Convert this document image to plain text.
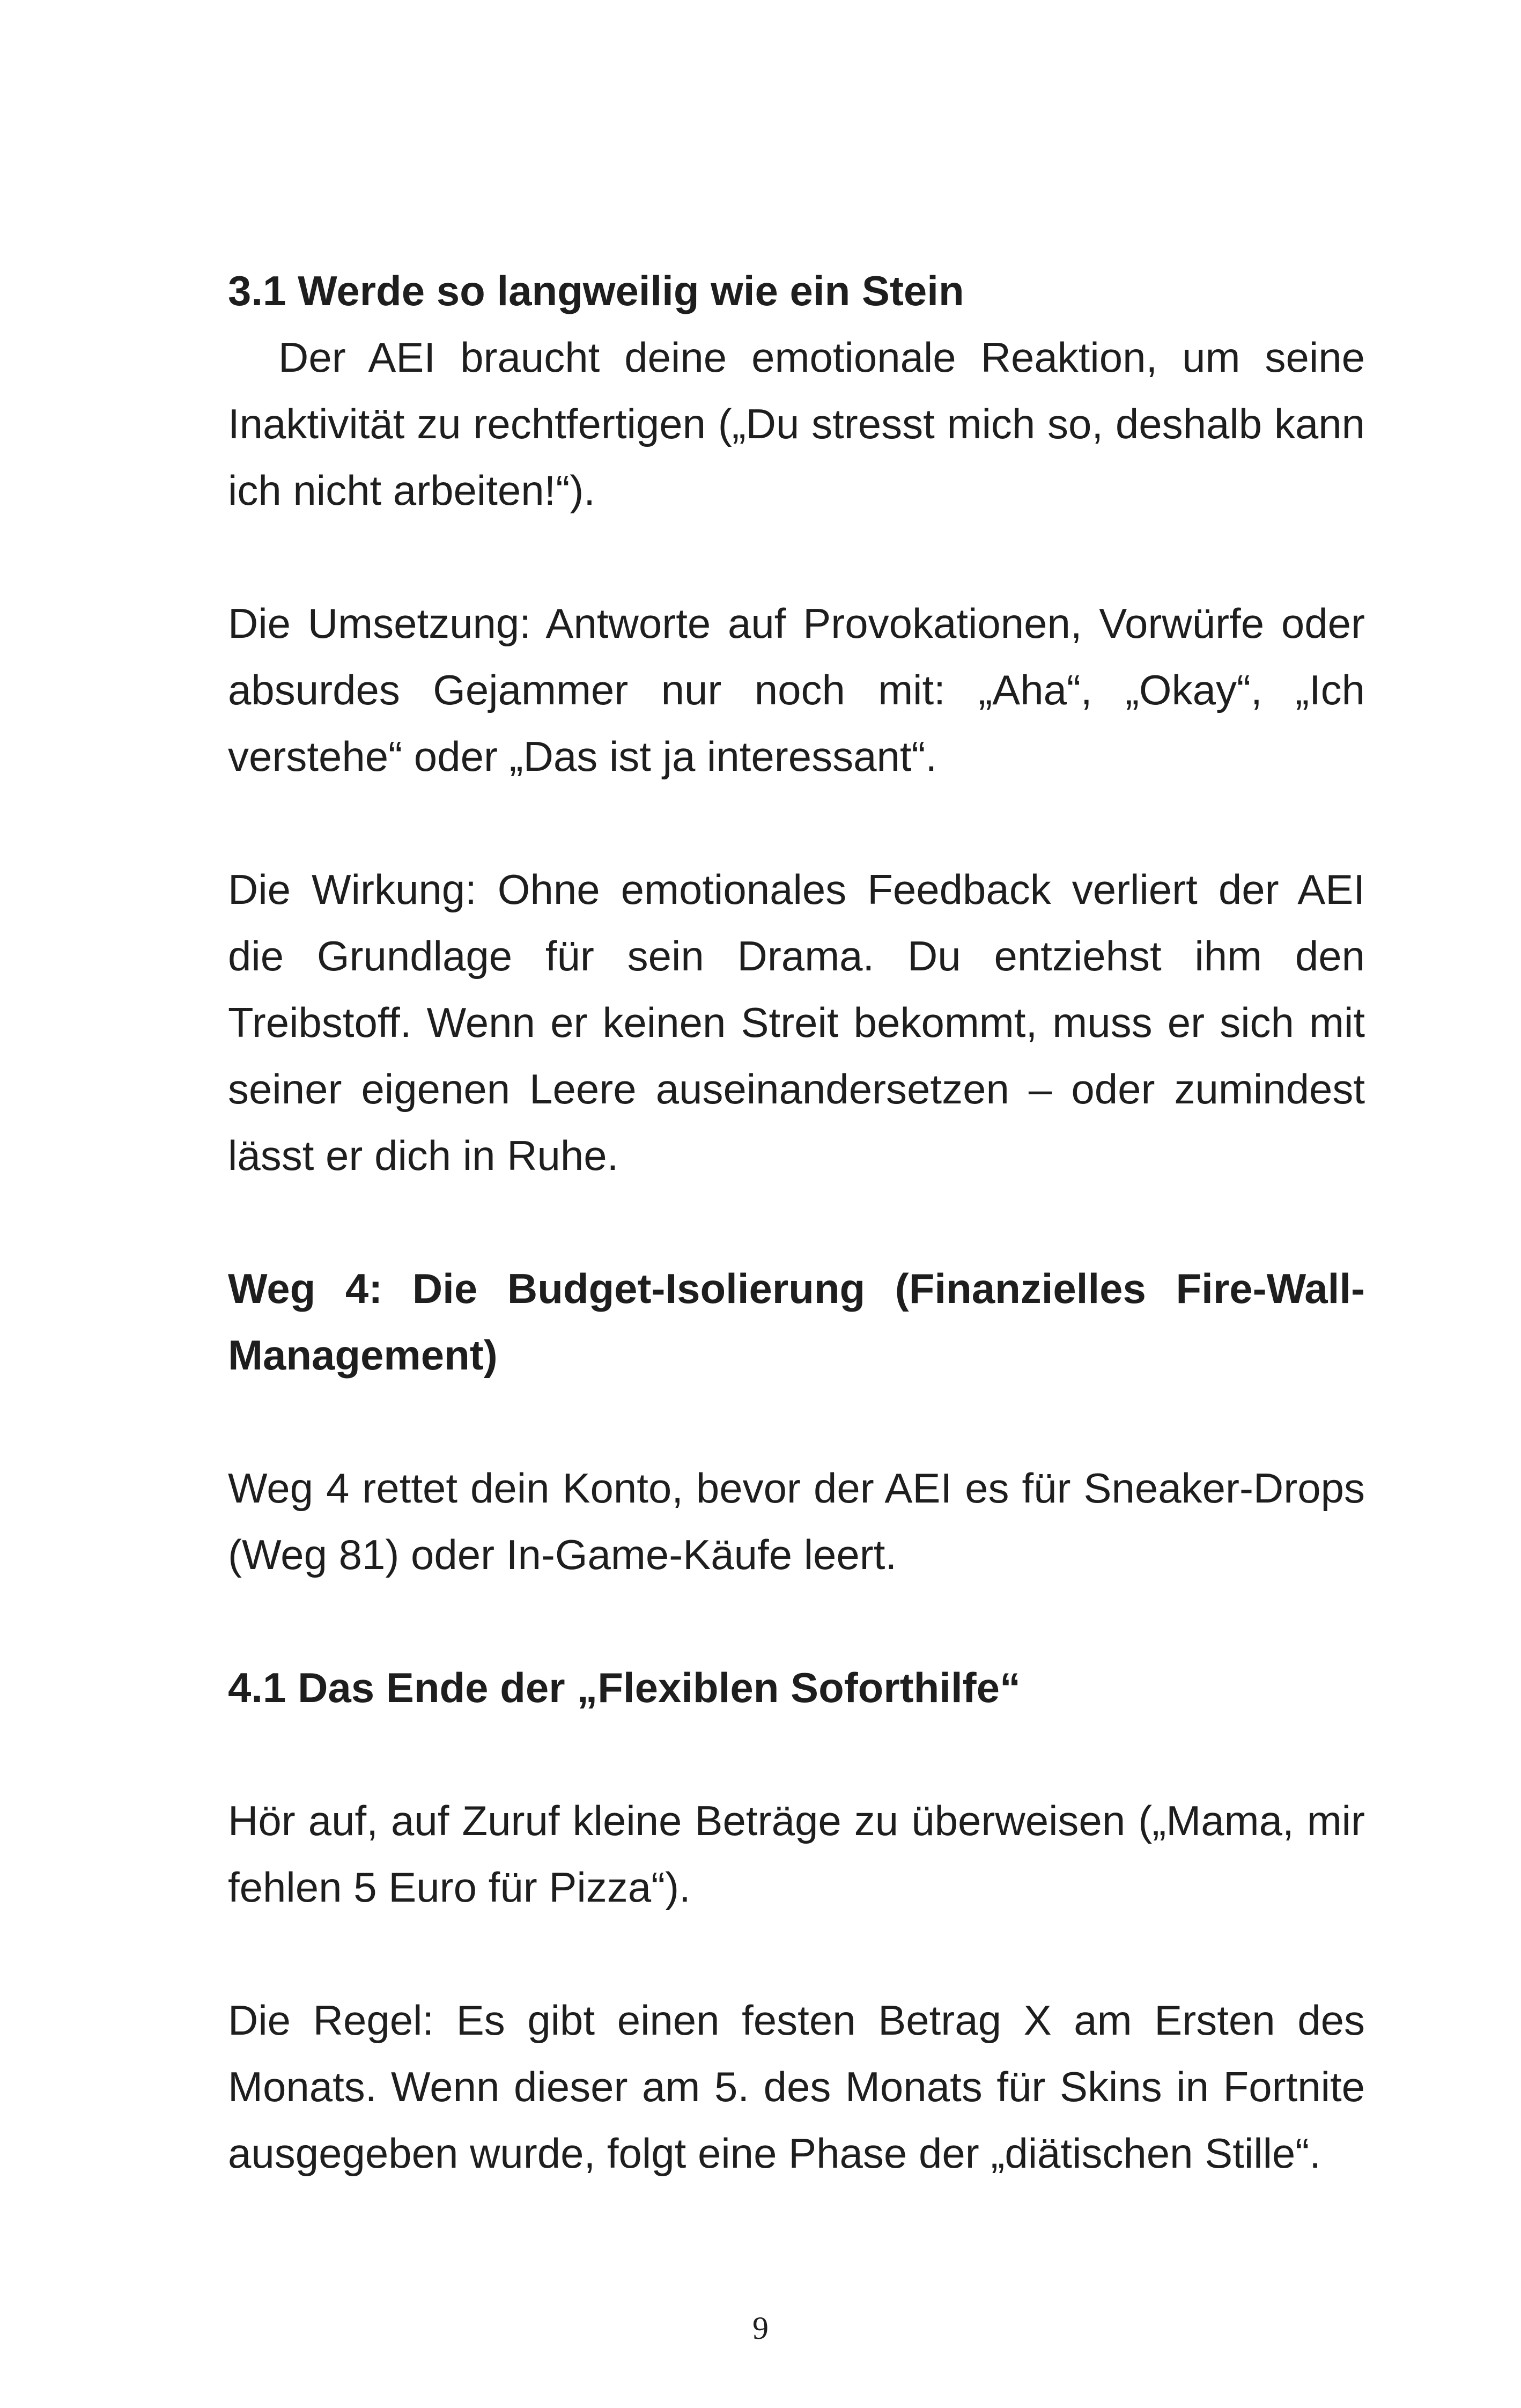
3.1 Werde so langweilig wie ein Stein

Der AEI braucht deine emotionale Reaktion, um seine Inaktivität zu rechtfertigen („Du stresst mich so, deshalb kann ich nicht arbeiten!“).

Die Umsetzung: Antworte auf Provokationen, Vorwürfe oder absurdes Gejammer nur noch mit: „Aha“, „Okay“, „Ich verstehe“ oder „Das ist ja interessant“.

Die Wirkung: Ohne emotionales Feedback verliert der AEI die Grundlage für sein Drama. Du entziehst ihm den Treibstoff. Wenn er keinen Streit bekommt, muss er sich mit seiner eigenen Leere auseinandersetzen – oder zumindest lässt er dich in Ruhe.

Weg 4: Die Budget-Isolierung (Finanzielles Fire-Wall-Management)

Weg 4 rettet dein Konto, bevor der AEI es für Sneaker-Drops (Weg 81) oder In-Game-Käufe leert.

4.1 Das Ende der „Flexiblen Soforthilfe“

Hör auf, auf Zuruf kleine Beträge zu überweisen („Mama, mir fehlen 5 Euro für Pizza“).

Die Regel: Es gibt einen festen Betrag X am Ersten des Monats. Wenn dieser am 5. des Monats für Skins in Fortnite ausgegeben wurde, folgt eine Phase der „diätischen Stille“.

9
